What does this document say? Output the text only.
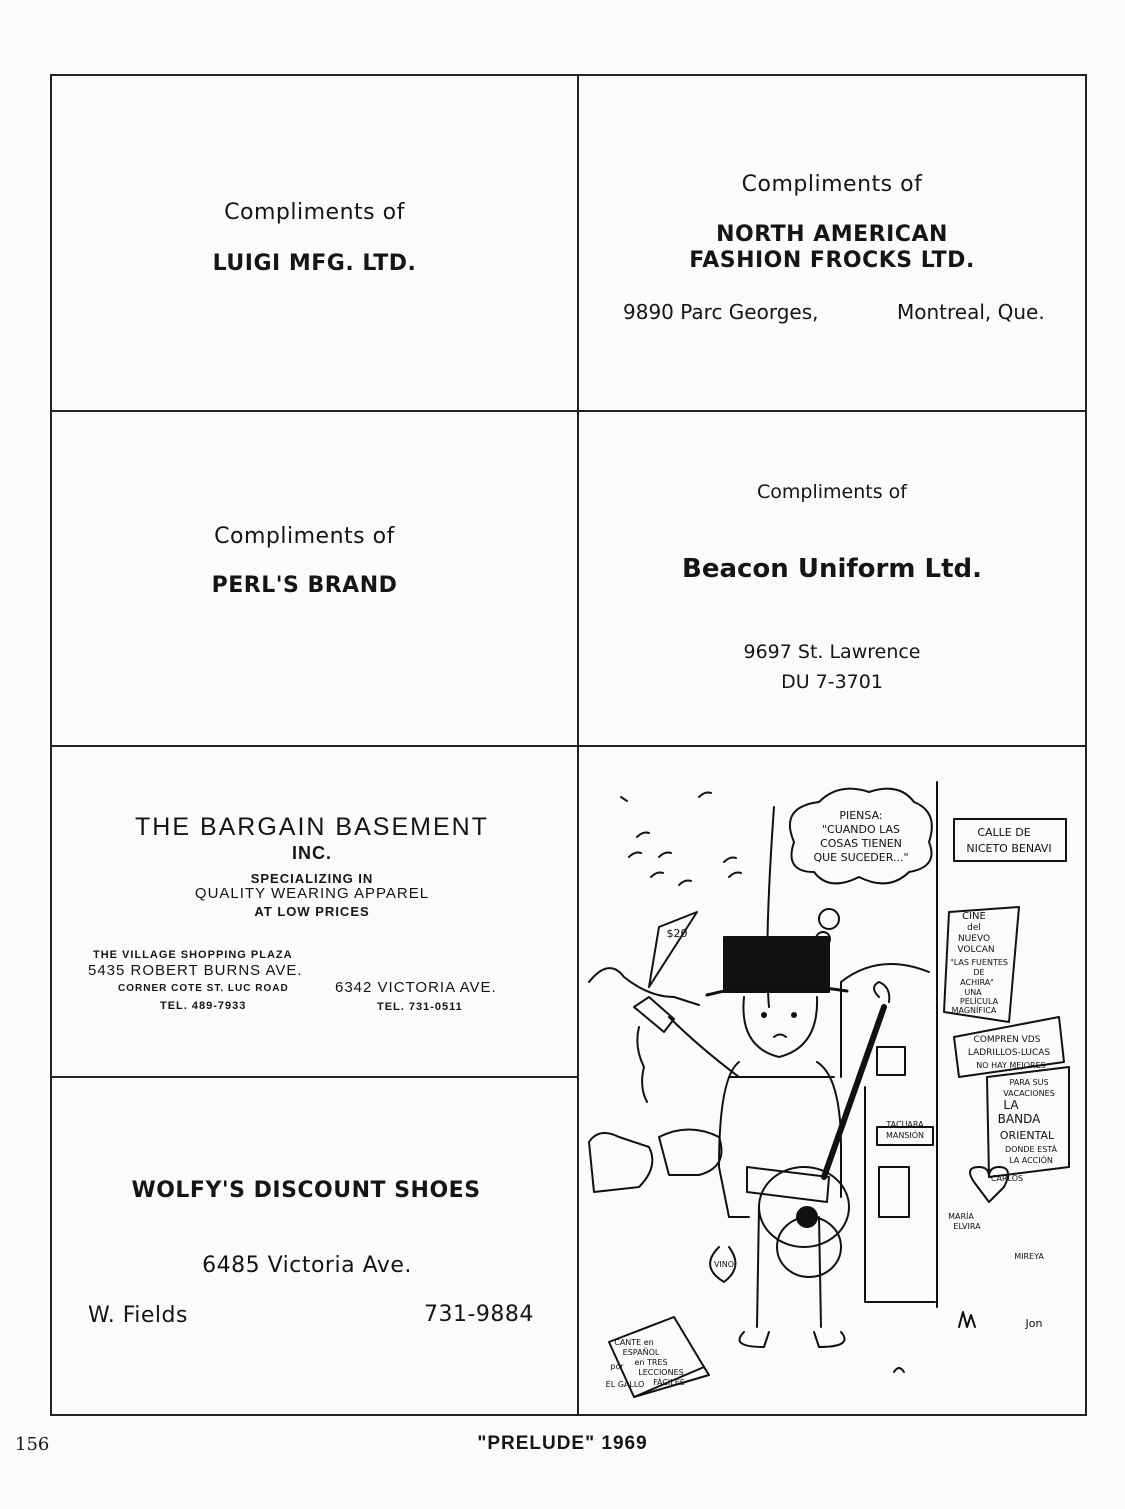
Compliments of
LUIGI MFG. LTD.
Compliments of
NORTH AMERICAN
FASHION FROCKS LTD.
9890 Parc Georges,	Montreal, Que.
Compliments of
PERL'S BRAND
Compliments of
Beacon Uniform Ltd.
9697 St. Lawrence
DU 7-3701
THE BARGAIN BASEMENT
INC.
SPECIALIZING IN
QUALITY WEARING APPAREL
AT LOW PRICES
THE VILLAGE SHOPPING PLAZA
5435 ROBERT BURNS AVE.
CORNER COTE ST. LUC ROAD	6342 VICTORIA AVE.
TEL. 489-7933	TEL. 731-0511
WOLFY'S DISCOUNT SHOES
6485 Victoria Ave.
W. Fields	731-9884
PIENSA:
"CUANDO LAS
COSAS TIENEN
QUE SUCEDER..."
CALLE DE
NICETO BENAVI
CINE
del
NUEVO
VOLCAN
"LAS FUENTES
DE
ACHIRA"
UNA
PELÍCULA
MAGNÍFICA
COMPREN VDS
LADRILLOS-LUCAS
NO HAY MEJORES
PARA SUS
VACACIONES
LA
BANDA
ORIENTAL
DONDE ESTÁ
LA ACCIÓN
TACUARA
MANSIÓN
$20
VINO
CARLOS
MARÍA
ELVIRA
MIREYA
Jon
CANTE en
ESPAÑOL
en TRES
LECCIONES
FÁCILES
por
EL GALLO
156	"PRELUDE" 1969
